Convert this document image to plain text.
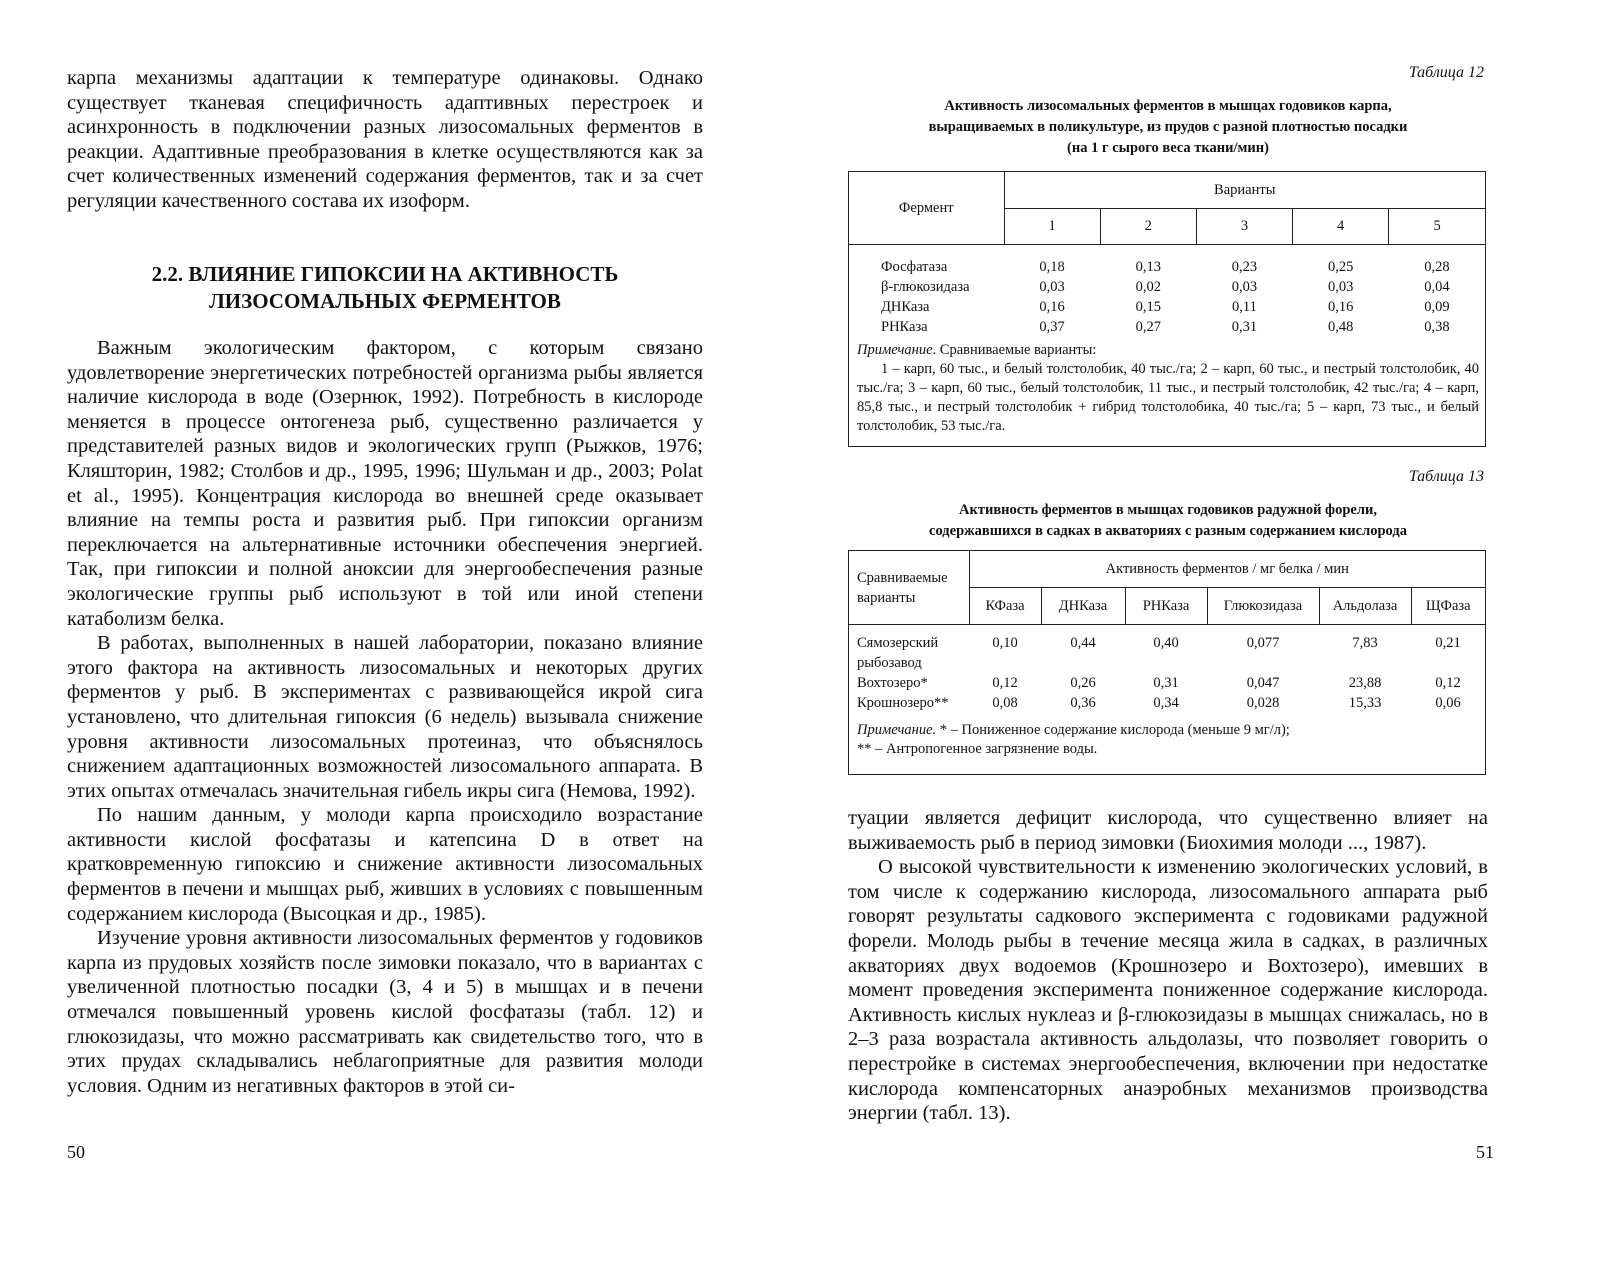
карпа механизмы адаптации к температуре одинаковы. Однако существует тканевая специфичность адаптивных перестроек и асинхронность в подключении разных лизосомальных ферментов в реакции. Адаптивные преобразования в клетке осуществляются как за счет количественных изменений содержания ферментов, так и за счет регуляции качественного состава их изоформ.

2.2. ВЛИЯНИЕ ГИПОКСИИ НА АКТИВНОСТЬ
ЛИЗОСОМАЛЬНЫХ ФЕРМЕНТОВ

Важным экологическим фактором, с которым связано удовлетворение энергетических потребностей организма рыбы является наличие кислорода в воде (Озернюк, 1992). Потребность в кислороде меняется в процессе онтогенеза рыб, существенно различается у представителей разных видов и экологических групп (Рыжков, 1976; Кляшторин, 1982; Столбов и др., 1995, 1996; Шульман и др., 2003; Polat et al., 1995). Концентрация кислорода во внешней среде оказывает влияние на темпы роста и развития рыб. При гипоксии организм переключается на альтернативные источники обеспечения энергией. Так, при гипоксии и полной аноксии для энергообеспечения разные экологические группы рыб используют в той или иной степени катаболизм белка.

В работах, выполненных в нашей лаборатории, показано влияние этого фактора на активность лизосомальных и некоторых других ферментов у рыб. В экспериментах с развивающейся икрой сига установлено, что длительная гипоксия (6 недель) вызывала снижение уровня активности лизосомальных протеиназ, что объяснялось снижением адаптационных возможностей лизосомального аппарата. В этих опытах отмечалась значительная гибель икры сига (Немова, 1992).

По нашим данным, у молоди карпа происходило возрастание активности кислой фосфатазы и катепсина D в ответ на кратковременную гипоксию и снижение активности лизосомальных ферментов в печени и мышцах рыб, живших в условиях с повышенным содержанием кислорода (Высоцкая и др., 1985).

Изучение уровня активности лизосомальных ферментов у годовиков карпа из прудовых хозяйств после зимовки показало, что в вариантах с увеличенной плотностью посадки (3, 4 и 5) в мышцах и в печени отмечался повышенный уровень кислой фосфатазы (табл. 12) и глюкозидазы, что можно рассматривать как свидетельство того, что в этих прудах складывались неблагоприятные для развития молоди условия. Одним из негативных факторов в этой си-

50

Таблица 12

Активность лизосомальных ферментов в мышцах годовиков карпа,
выращиваемых в поликультуре, из прудов с разной плотностью посадки
(на 1 г сырого веса ткани/мин)

Фермент	Варианты				
	1	2	3	4	5

Фосфатаза	0,18	0,13	0,23	0,25	0,28
β-глюкозидаза	0,03	0,02	0,03	0,03	0,04
ДНКаза	0,16	0,15	0,11	0,16	0,09
РНКаза	0,37	0,27	0,31	0,48	0,38
Примечание. Сравниваемые варианты:

1 – карп, 60 тыс., и белый толстолобик, 40 тыс./га; 2 – карп, 60 тыс., и пестрый толстолобик, 40 тыс./га; 3 – карп, 60 тыс., белый толстолобик, 11 тыс., и пестрый толстолобик, 42 тыс./га; 4 – карп, 85,8 тыс., и пестрый толстолобик + гибрид толстолобика, 40 тыс./га; 5 – карп, 73 тыс., и белый толстолобик, 53 тыс./га.

Таблица 13

Активность ферментов в мышцах годовиков радужной форели,
содержавшихся в садках в акваториях с разным содержанием кислорода

Сравниваемые варианты	Активность ферментов / мг белка / мин					
	КФаза	ДНКаза	РНКаза	Глюкозидаза	Альдолаза	ЩФаза

Сямозерский рыбозавод	0,10	0,44	0,40	0,077	7,83	0,21
Вохтозеро*	0,12	0,26	0,31	0,047	23,88	0,12
Крошнозеро**	0,08	0,36	0,34	0,028	15,33	0,06
Примечание. * – Пониженное содержание кислорода (меньше 9 мг/л);
** – Антропогенное загрязнение воды.

туации является дефицит кислорода, что существенно влияет на выживаемость рыб в период зимовки (Биохимия молоди ..., 1987).

О высокой чувствительности к изменению экологических условий, в том числе к содержанию кислорода, лизосомального аппарата рыб говорят результаты садкового эксперимента с годовиками радужной форели. Молодь рыбы в течение месяца жила в садках, в различных акваториях двух водоемов (Крошнозеро и Вохтозеро), имевших в момент проведения эксперимента пониженное содержание кислорода. Активность кислых нуклеаз и β-глюкозидазы в мышцах снижалась, но в 2–3 раза возрастала активность альдолазы, что позволяет говорить о перестройке в системах энергообеспечения, включении при недостатке кислорода компенсаторных анаэробных механизмов производства энергии (табл. 13).

51
